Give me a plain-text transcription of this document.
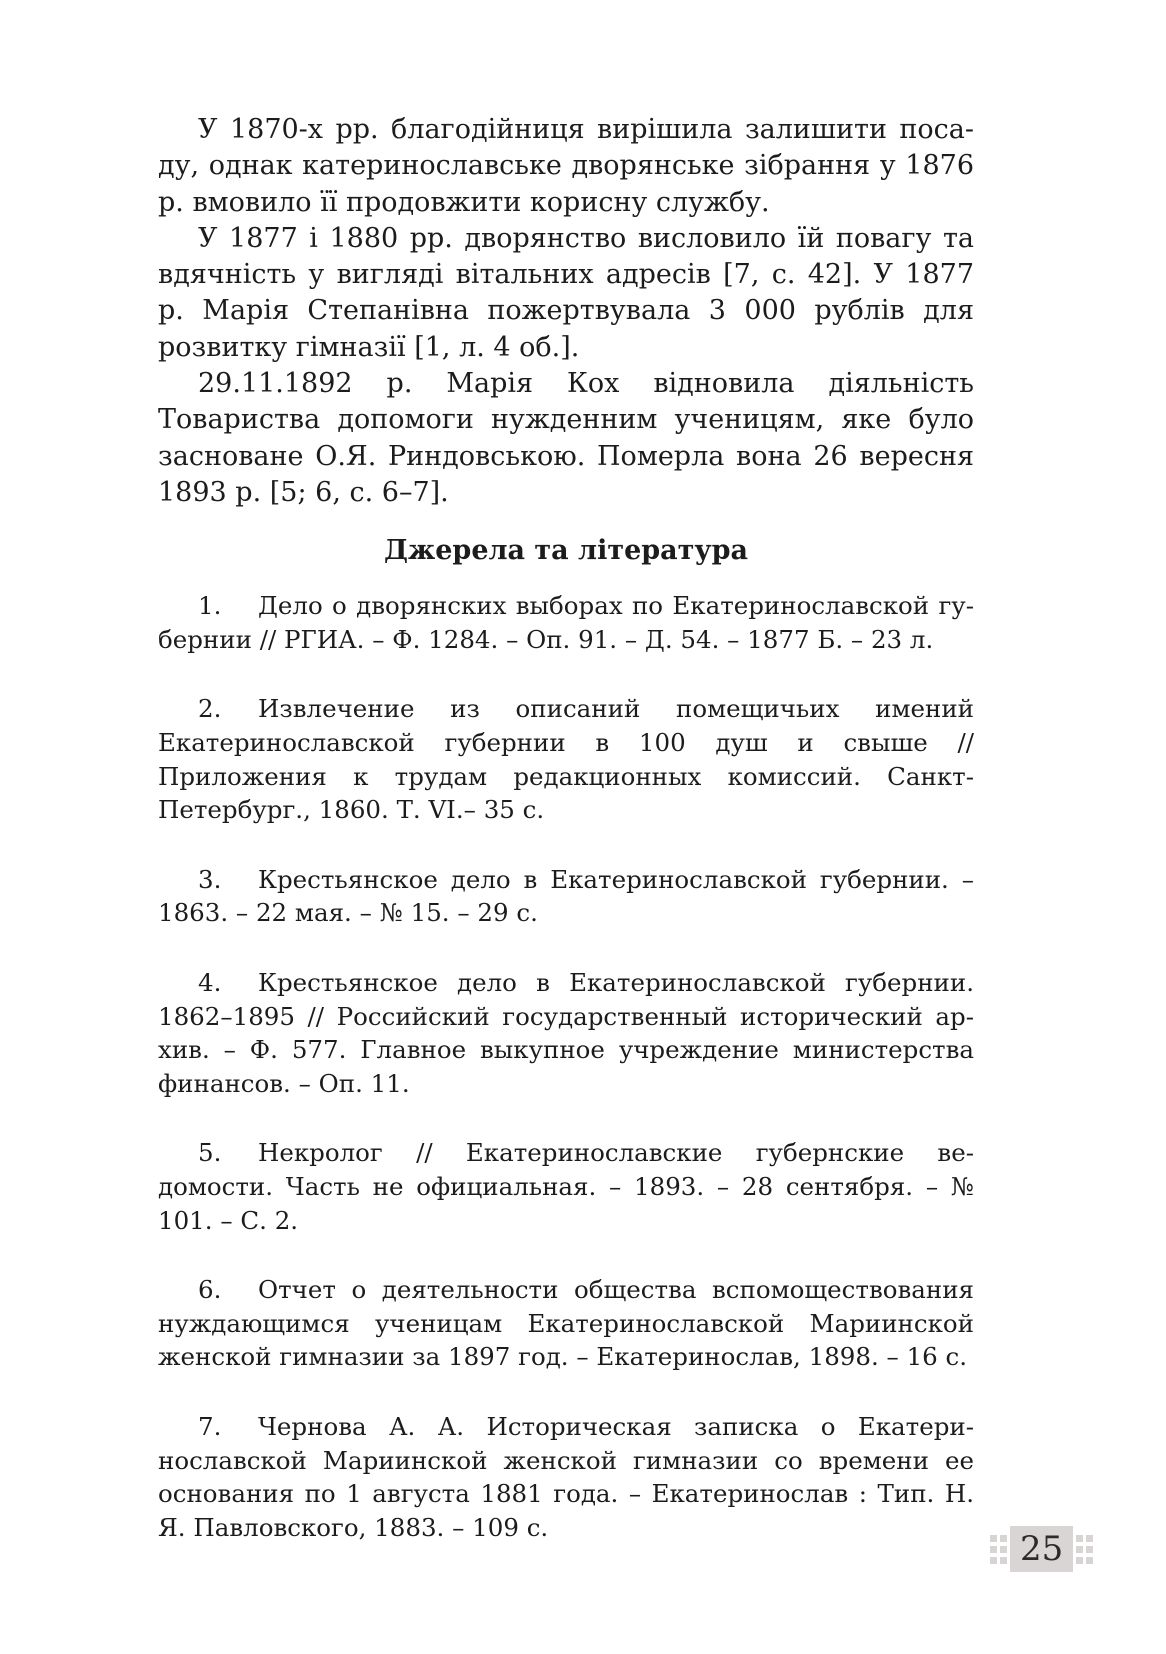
У 1870-х рр. благодійниця вирішила залишити посаду, однак катеринославське дворянське зібрання у 1876 р. вмовило її продовжити корисну службу.

У 1877 і 1880 рр. дворянство висловило їй повагу та вдячність у вигляді вітальних адресів [7, с. 42]. У 1877 р. Марія Степанівна пожертвувала 3 000 рублів для розвитку гімназії [1, л. 4 об.].

29.11.1892 р. Марія Кох відновила діяльність Товариства допомоги нужденним ученицям, яке було засноване О.Я. Риндовською. Померла вона 26 вересня 1893 р. [5; 6, с. 6–7].

Джерела та література

1. Дело о дворянских выборах по Екатеринославской губернии // РГИА. – Ф. 1284. – Оп. 91. – Д. 54. – 1877 Б. – 23 л.

2. Извлечение из описаний помещичьих имений Екатеринославской губернии в 100 душ и свыше // Приложения к трудам редакционных комиссий. Санкт-Петербург., 1860. Т. VI.– 35 с.

3. Крестьянское дело в Екатеринославской губернии. – 1863. – 22 мая. – № 15. – 29 с.

4. Крестьянское дело в Екатеринославской губернии. 1862–1895 // Российский государственный исторический архив. – Ф. 577. Главное выкупное учреждение министерства финансов. – Оп. 11.

5. Некролог // Екатеринославские губернские ведомости. Часть не официальная. – 1893. – 28 сентября. – № 101. – С. 2.

6. Отчет о деятельности общества вспомоществования нуждающимся ученицам Екатеринославской Мариинской женской гимназии за 1897 год. – Екатеринослав, 1898. – 16 с.

7. Чернова А. А. Историческая записка о Екатеринославской Мариинской женской гимназии со времени ее основания по 1 августа 1881 года. – Екатеринослав : Тип. Н. Я. Павловского, 1883. – 109 с.

25
